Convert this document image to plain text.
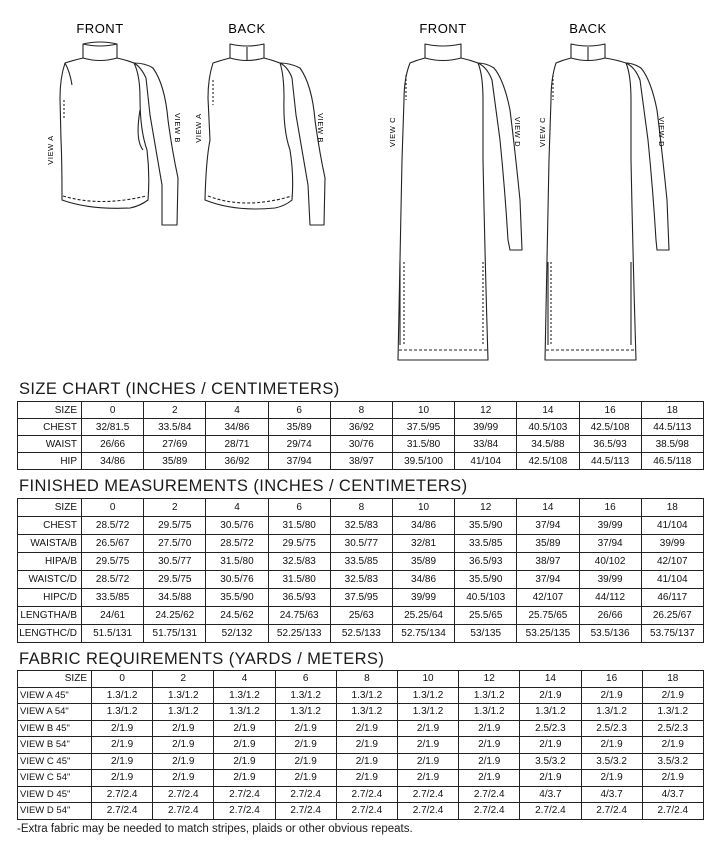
FRONT	BACK	FRONT	BACK
VIEW A
VIEW B VIEW A	VIEW B	VIEW C	VIEW D VIEW C	VIEW D
SIZE CHART (INCHES / CENTIMETERS)
SIZE	0	2	4	6	8	10	12	14	16	18
CHEST	32/81.5	33.5/84	34/86	35/89	36/92	37.5/95	39/99	40.5/103	42.5/108	44.5/113
WAIST	26/66	27/69	28/71	29/74	30/76	31.5/80	33/84	34.5/88	36.5/93	38.5/98
HIP	34/86	35/89	36/92	37/94	38/97	39.5/100	41/104	42.5/108	44.5/113	46.5/118
FINISHED MEASUREMENTS (INCHES / CENTIMETERS)
SIZE	0	2	4	6	8	10	12	14	16	18
CHEST	28.5/72	29.5/75	30.5/76	31.5/80	32.5/83	34/86	35.5/90	37/94	39/99	41/104
WAISTA/B	26.5/67	27.5/70	28.5/72	29.5/75	30.5/77	32/81	33.5/85	35/89	37/94	39/99
HIPA/B	29.5/75	30.5/77	31.5/80	32.5/83	33.5/85	35/89	36.5/93	38/97	40/102	42/107
WAISTC/D	28.5/72	29.5/75	30.5/76	31.5/80	32.5/83	34/86	35.5/90	37/94	39/99	41/104
HIPC/D	33.5/85	34.5/88	35.5/90	36.5/93	37.5/95	39/99	40.5/103	42/107	44/112	46/117
LENGTHA/B	24/61	24.25/62	24.5/62	24.75/63	25/63	25.25/64	25.5/65	25.75/65	26/66	26.25/67
LENGTHC/D	51.5/131	51.75/131	52/132	52.25/133	52.5/133	52.75/134	53/135	53.25/135	53.5/136	53.75/137
FABRIC REQUIREMENTS (YARDS / METERS)
SIZE	0	2	4	6	8	10	12	14	16	18
VIEW A 45"	1.3/1.2	1.3/1.2	1.3/1.2	1.3/1.2	1.3/1.2	1.3/1.2	1.3/1.2	2/1.9	2/1.9	2/1.9
VIEW A 54"	1.3/1.2	1.3/1.2	1.3/1.2	1.3/1.2	1.3/1.2	1.3/1.2	1.3/1.2	1.3/1.2	1.3/1.2	1.3/1.2
VIEW B 45"	2/1.9	2/1.9	2/1.9	2/1.9	2/1.9	2/1.9	2/1.9	2.5/2.3	2.5/2.3	2.5/2.3
VIEW B 54"	2/1.9	2/1.9	2/1.9	2/1.9	2/1.9	2/1.9	2/1.9	2/1.9	2/1.9	2/1.9
VIEW C 45"	2/1.9	2/1.9	2/1.9	2/1.9	2/1.9	2/1.9	2/1.9	3.5/3.2	3.5/3.2	3.5/3.2
VIEW C 54"	2/1.9	2/1.9	2/1.9	2/1.9	2/1.9	2/1.9	2/1.9	2/1.9	2/1.9	2/1.9
VIEW D 45"	2.7/2.4	2.7/2.4	2.7/2.4	2.7/2.4	2.7/2.4	2.7/2.4	2.7/2.4	4/3.7	4/3.7	4/3.7
VIEW D 54"	2.7/2.4	2.7/2.4	2.7/2.4	2.7/2.4	2.7/2.4	2.7/2.4	2.7/2.4	2.7/2.4	2.7/2.4	2.7/2.4
-Extra fabric may be needed to match stripes, plaids or other obvious repeats.
